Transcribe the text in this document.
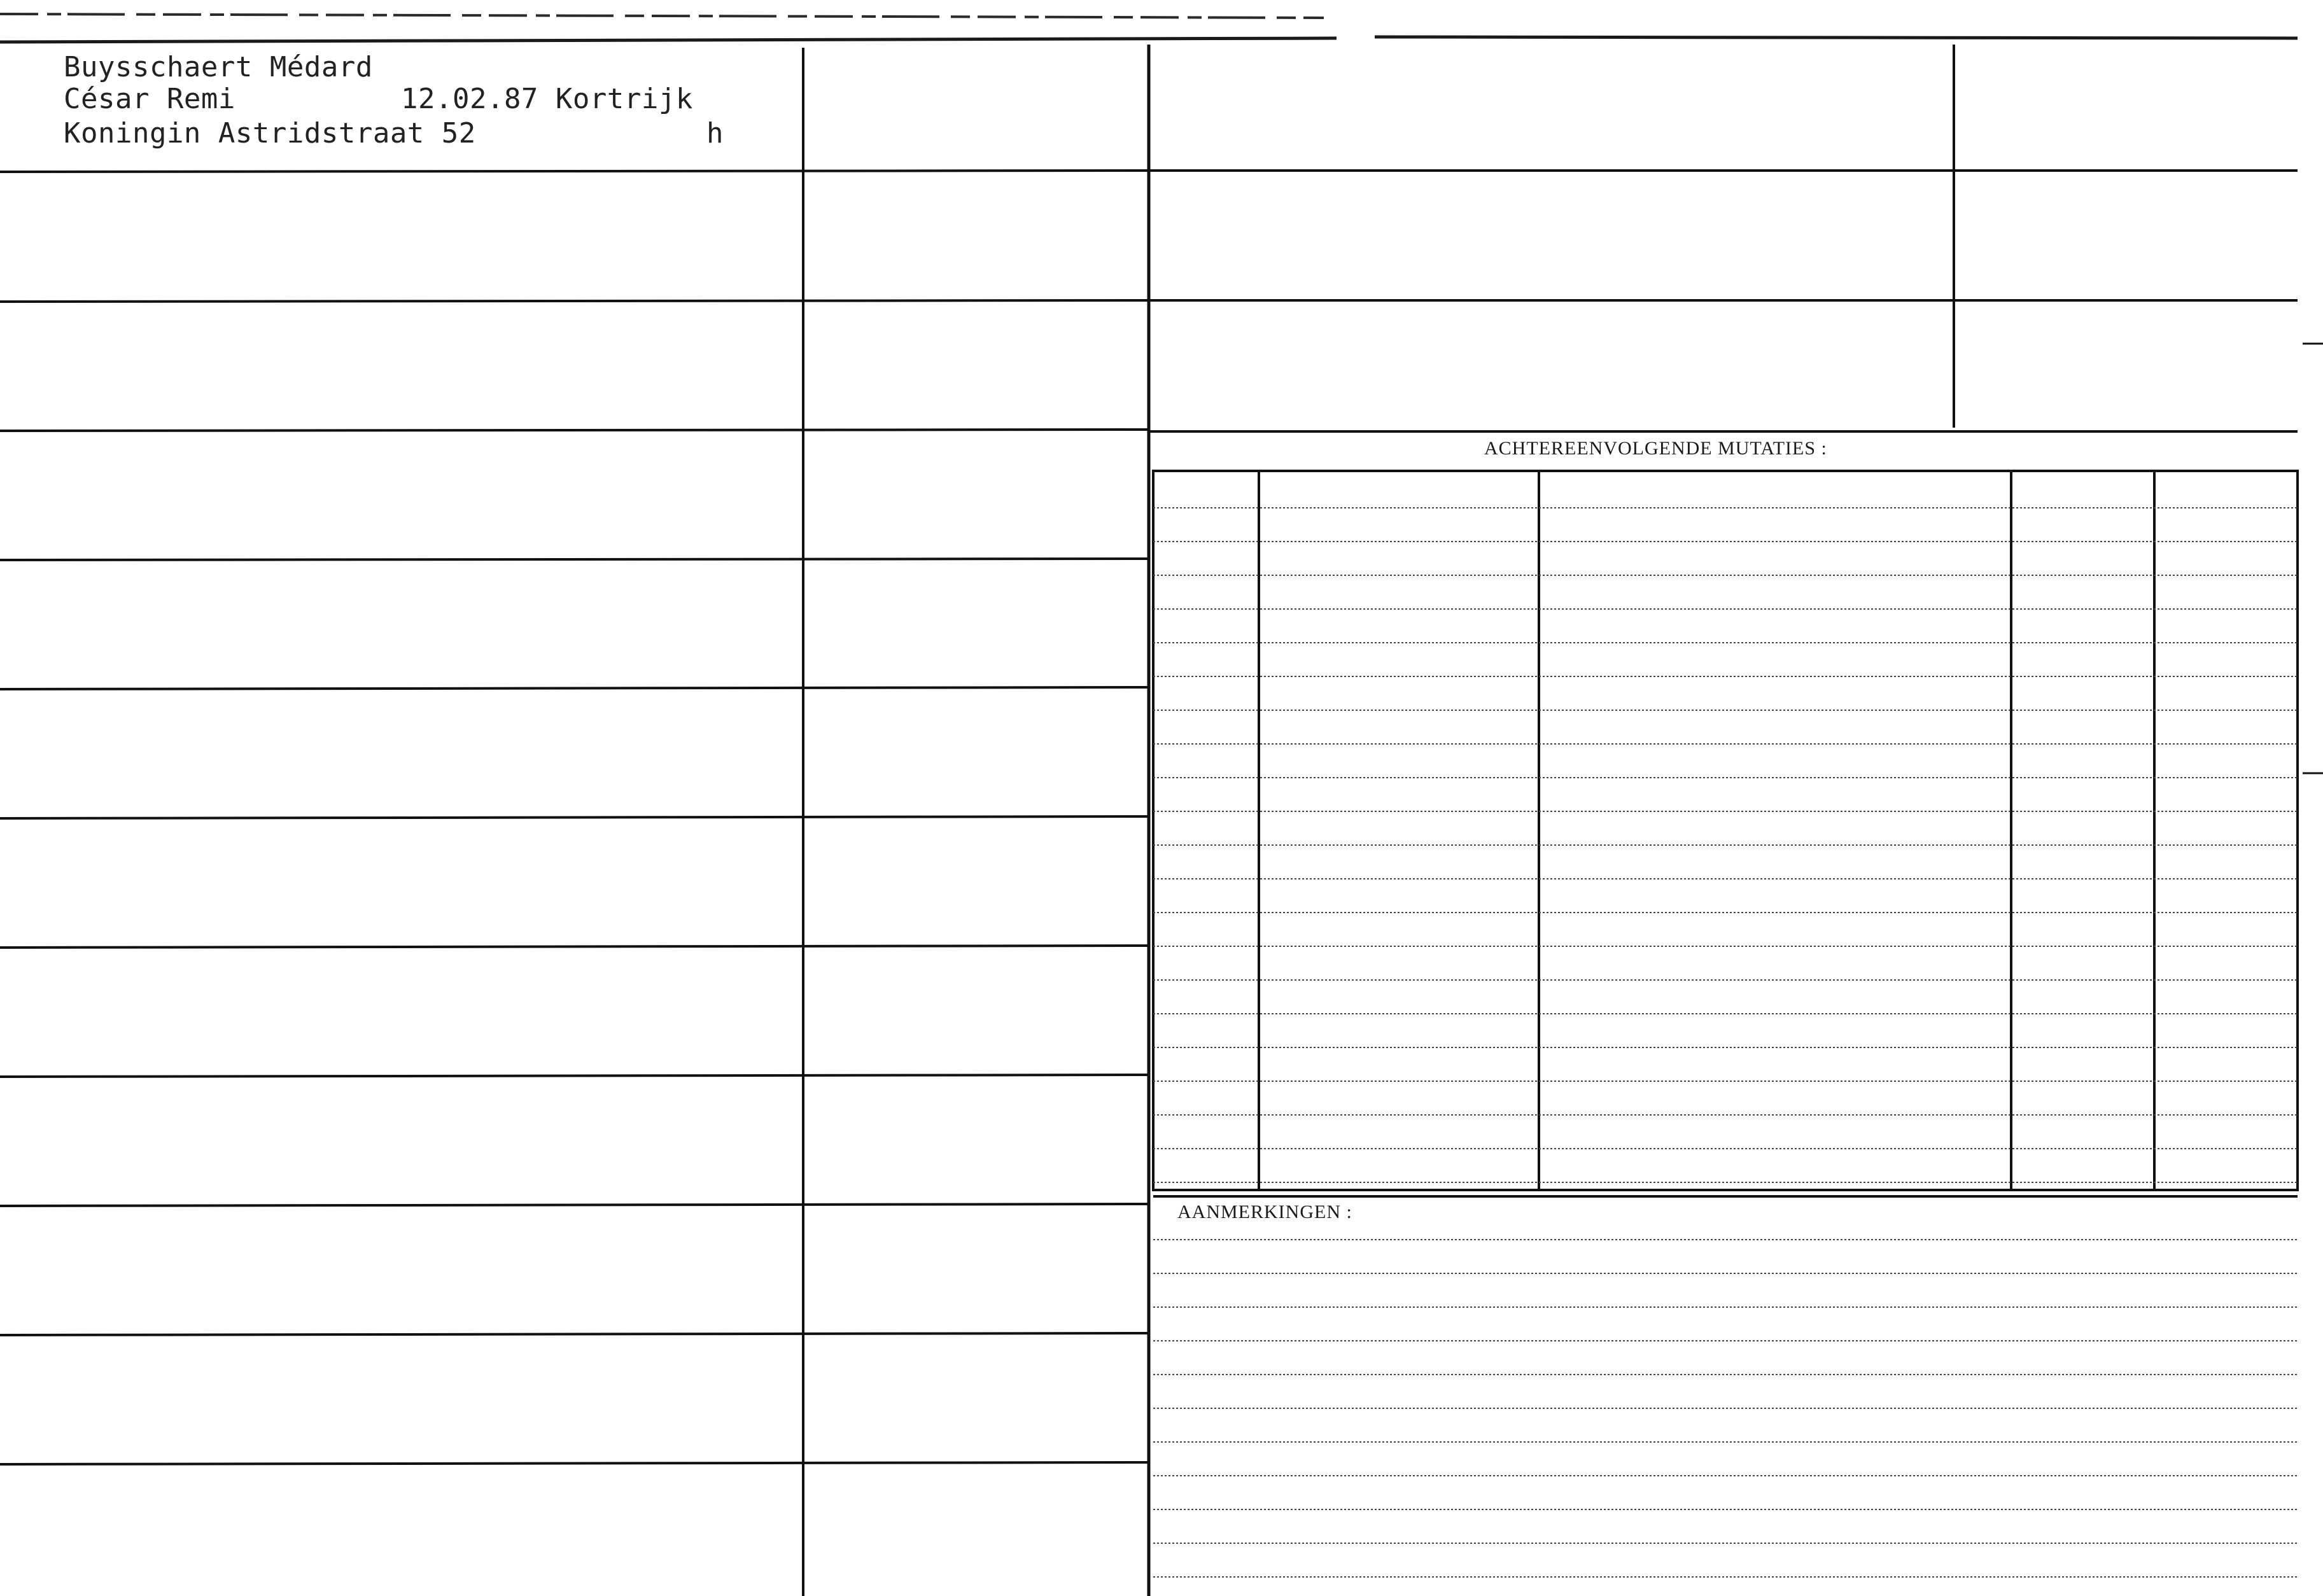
Buysschaert Médard
César Remi	12.02.87 Kortrijk
Koningin Astridstraat 52	h
ACHTEREENVOLGENDE MUTATIES :
AANMERKINGEN :
